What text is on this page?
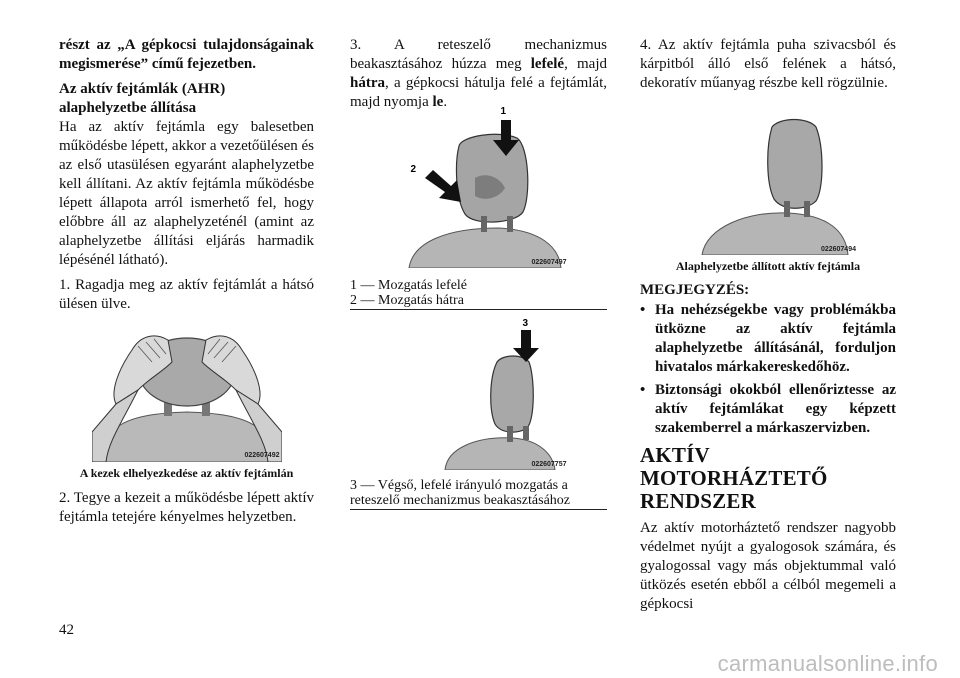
részt az „A gépkocsi tulajdonságainak megismerése” című fejezetben.

Az aktív fejtámlák (AHR) alaphelyzetbe állítása

Ha az aktív fejtámla egy balesetben működésbe lépett, akkor a vezetőülésen és az első utasülésen egyaránt alaphelyzetbe kell állítani. Az aktív fejtámla működésbe lépett állapota arról ismerhető fel, hogy előbbre áll az alaphelyzeténél (amint az alaphelyzetbe állítási eljárás harmadik lépésénél látható).

1. Ragadja meg az aktív fejtámlát a hátsó ülésen ülve.

022607492

A kezek elhelyezkedése az aktív fejtámlán

2. Tegye a kezeit a működésbe lépett aktív fejtámla tetejére kényelmes helyzetben.

3. A reteszelő mechanizmus beakasztásához húzza meg lefelé, majd hátra, a gépkocsi hátulja felé a fejtámlát, majd nyomja le.

1
2
022607497

1 — Mozgatás lefelé

2 — Mozgatás hátra

3
022607757

3 — Végső, lefelé irányuló mozgatás a reteszelő mechanizmus beakasztásához

4. Az aktív fejtámla puha szivacsból és kárpitból álló első felének a hátsó, dekoratív műanyag részbe kell rögzülnie.

022607494

Alaphelyzetbe állított aktív fejtámla

MEGJEGYZÉS:

• Ha nehézségekbe vagy problémákba ütközne az aktív fejtámla alaphelyzetbe állításánál, forduljon hivatalos márkakereskedőhöz.
• Biztonsági okokból ellenőriztesse az aktív fejtámlákat egy képzett szakemberrel a márkaszervizben.
AKTÍV MOTORHÁZTETŐ
RENDSZER

Az aktív motorháztető rendszer nagyobb védelmet nyújt a gyalogosok számára, és gyalogossal vagy más objektummal való ütközés esetén ebből a célból megemeli a gépkocsi

42
carmanualsonline.info
